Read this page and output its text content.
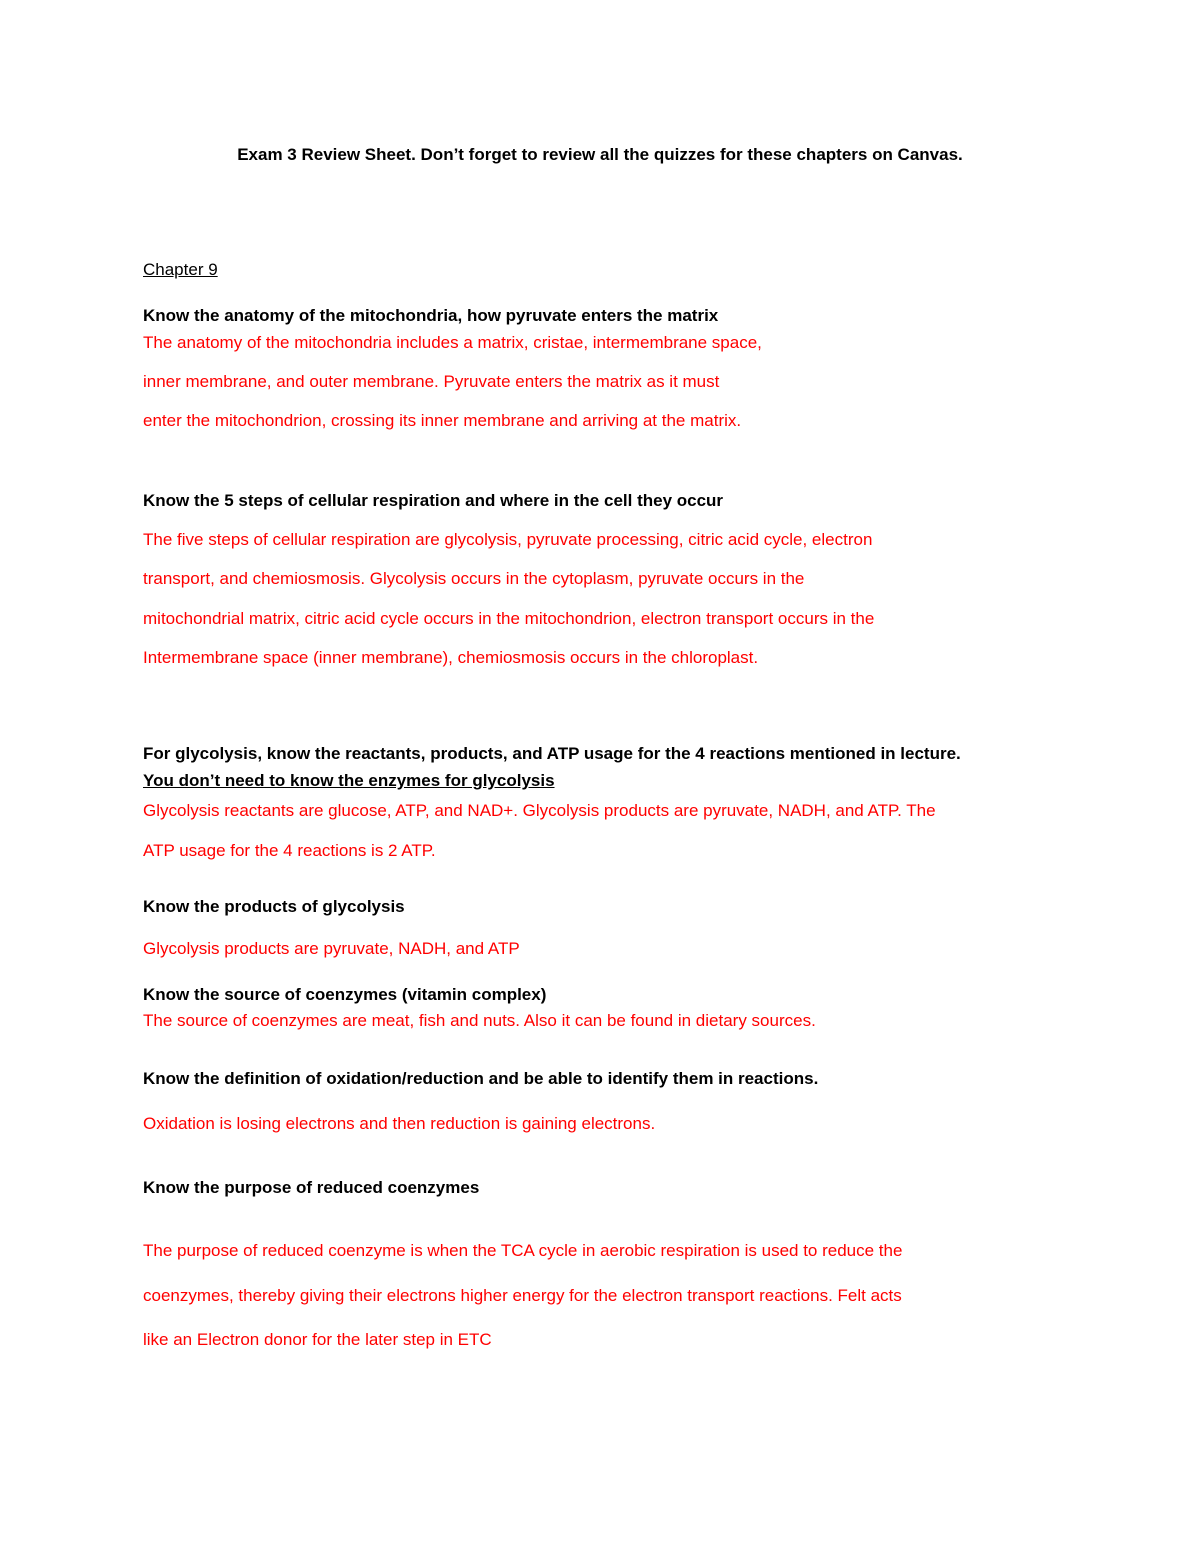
Exam 3 Review Sheet. Don’t forget to review all the quizzes for these chapters on Canvas.
Chapter 9
Know the anatomy of the mitochondria, how pyruvate enters the matrix
The anatomy of the mitochondria includes a matrix, cristae, intermembrane space,
inner membrane, and outer membrane. Pyruvate enters the matrix as it must
enter the mitochondrion, crossing its inner membrane and arriving at the matrix.
Know the 5 steps of cellular respiration and where in the cell they occur
The five steps of cellular respiration are glycolysis, pyruvate processing, citric acid cycle, electron
transport, and chemiosmosis. Glycolysis occurs in the cytoplasm, pyruvate occurs in the
mitochondrial matrix, citric acid cycle occurs in the mitochondrion, electron transport occurs in the
Intermembrane space (inner membrane), chemiosmosis occurs in the chloroplast.
For glycolysis, know the reactants, products, and ATP usage for the 4 reactions mentioned in lecture.
You don’t need to know the enzymes for glycolysis
Glycolysis reactants are glucose, ATP, and NAD+. Glycolysis products are pyruvate, NADH, and ATP. The
ATP usage for the 4 reactions is 2 ATP.
Know the products of glycolysis
Glycolysis products are pyruvate, NADH, and ATP
Know the source of coenzymes (vitamin complex)
The source of coenzymes are meat, fish and nuts. Also it can be found in dietary sources.
Know the definition of oxidation/reduction and be able to identify them in reactions.
Oxidation is losing electrons and then reduction is gaining electrons.
Know the purpose of reduced coenzymes
The purpose of reduced coenzyme is when the TCA cycle in aerobic respiration is used to reduce the
coenzymes, thereby giving their electrons higher energy for the electron transport reactions. Felt acts
like an Electron donor for the later step in ETC
